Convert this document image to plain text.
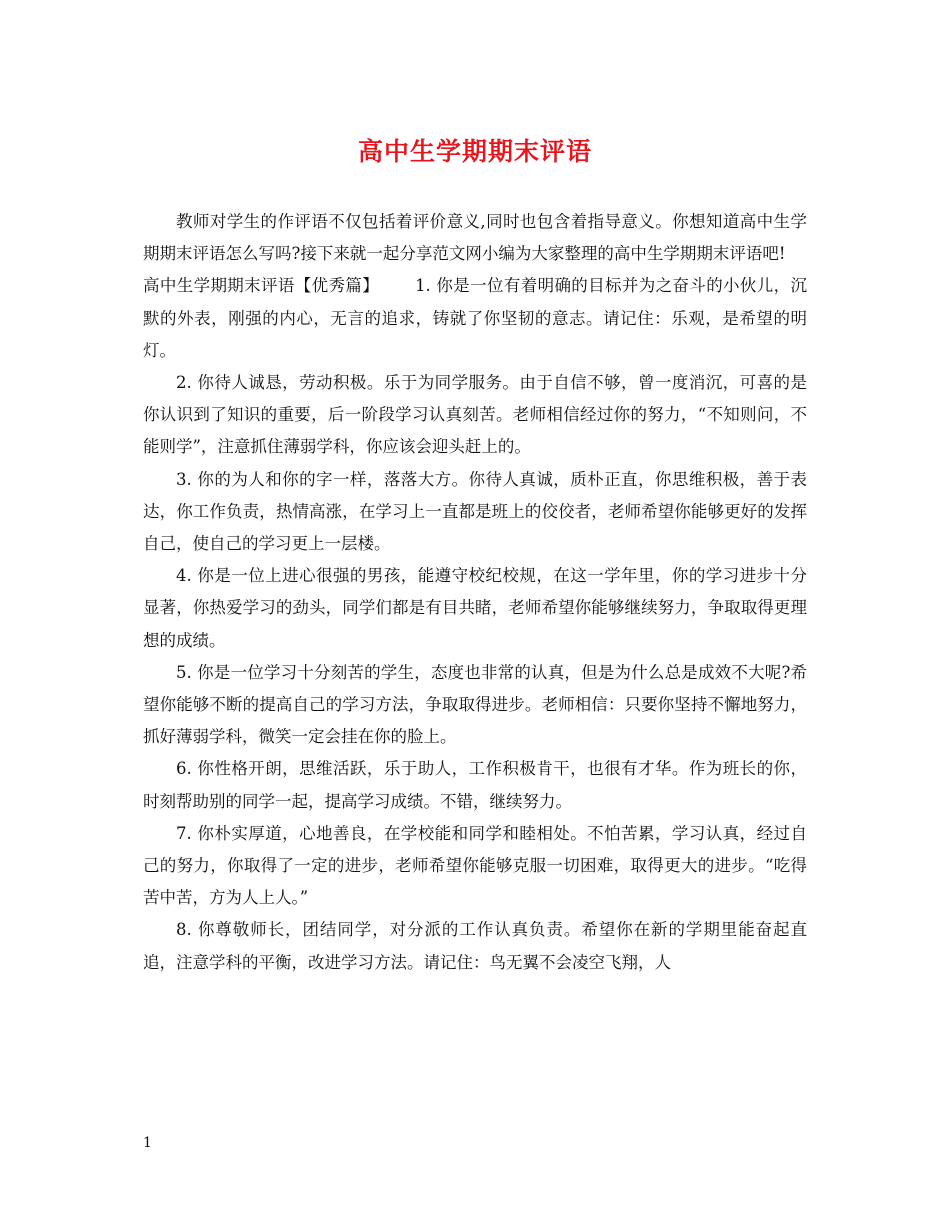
高中生学期期末评语

教师对学生的作评语不仅包括着评价意义,同时也包含着指导意义。你想知道高中生学期期末评语怎么写吗?接下来就一起分享范文网小编为大家整理的高中生学期期末评语吧!

高中生学期期末评语【优秀篇】 1. 你是一位有着明确的目标并为之奋斗的小伙儿，沉默的外表，刚强的内心，无言的追求，铸就了你坚韧的意志。请记住：乐观，是希望的明灯。

2. 你待人诚恳，劳动积极。乐于为同学服务。由于自信不够，曾一度消沉，可喜的是你认识到了知识的重要，后一阶段学习认真刻苦。老师相信经过你的努力，“不知则问，不能则学”，注意抓住薄弱学科，你应该会迎头赶上的。

3. 你的为人和你的字一样，落落大方。你待人真诚，质朴正直，你思维积极，善于表达，你工作负责，热情高涨，在学习上一直都是班上的佼佼者，老师希望你能够更好的发挥自己，使自己的学习更上一层楼。

4. 你是一位上进心很强的男孩，能遵守校纪校规，在这一学年里，你的学习进步十分显著，你热爱学习的劲头，同学们都是有目共睹，老师希望你能够继续努力，争取取得更理想的成绩。

5. 你是一位学习十分刻苦的学生，态度也非常的认真，但是为什么总是成效不大呢?希望你能够不断的提高自己的学习方法，争取取得进步。老师相信：只要你坚持不懈地努力，抓好薄弱学科，微笑一定会挂在你的脸上。

6. 你性格开朗，思维活跃，乐于助人，工作积极肯干，也很有才华。作为班长的你，时刻帮助别的同学一起，提高学习成绩。不错，继续努力。

7. 你朴实厚道，心地善良，在学校能和同学和睦相处。不怕苦累，学习认真，经过自己的努力，你取得了一定的进步，老师希望你能够克服一切困难，取得更大的进步。“吃得苦中苦，方为人上人。”

8. 你尊敬师长，团结同学，对分派的工作认真负责。希望你在新的学期里能奋起直追，注意学科的平衡，改进学习方法。请记住：鸟无翼不会凌空飞翔，人

1
